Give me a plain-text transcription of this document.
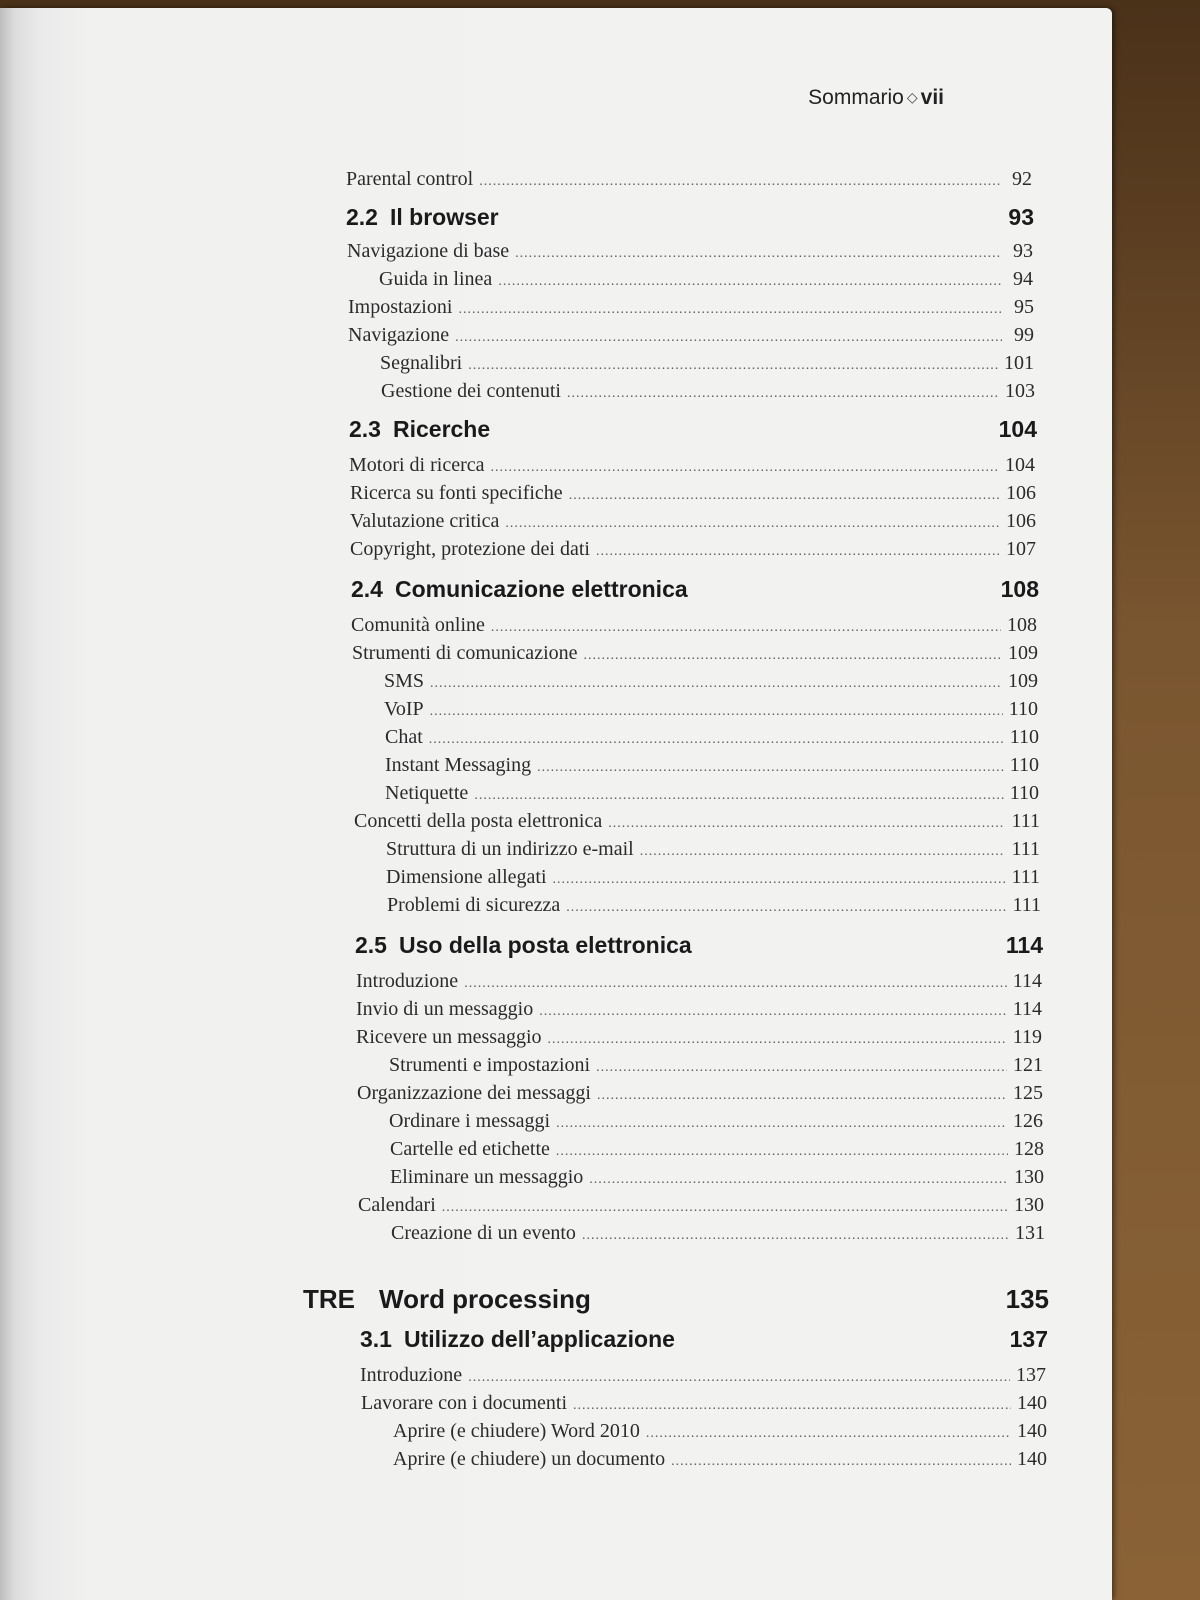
Sommario ◇ vii
Parental control .....	92
2.2 Il browser	93
Navigazione di base .....	93
Guida in linea .....	94
Impostazioni .....	95
Navigazione .....	99
Segnalibri .....	101
Gestione dei contenuti .....	103
2.3 Ricerche	104
Motori di ricerca .....	104
Ricerca su fonti specifiche .....	106
Valutazione critica .....	106
Copyright, protezione dei dati .....	107
2.4 Comunicazione elettronica	108
Comunità online .....	108
Strumenti di comunicazione .....	109
SMS .....	109
VoIP .....	110
Chat .....	110
Instant Messaging .....	110
Netiquette .....	110
Concetti della posta elettronica .....	111
Struttura di un indirizzo e-mail .....	111
Dimensione allegati .....	111
Problemi di sicurezza .....	111
2.5 Uso della posta elettronica	114
Introduzione .....	114
Invio di un messaggio .....	114
Ricevere un messaggio .....	119
Strumenti e impostazioni .....	121
Organizzazione dei messaggi .....	125
Ordinare i messaggi .....	126
Cartelle ed etichette .....	128
Eliminare un messaggio .....	130
Calendari .....	130
Creazione di un evento .....	131
TRE Word processing	135
3.1 Utilizzo dell’applicazione	137
Introduzione .....	137
Lavorare con i documenti .....	140
Aprire (e chiudere) Word 2010 .....	140
Aprire (e chiudere) un documento .....	140
